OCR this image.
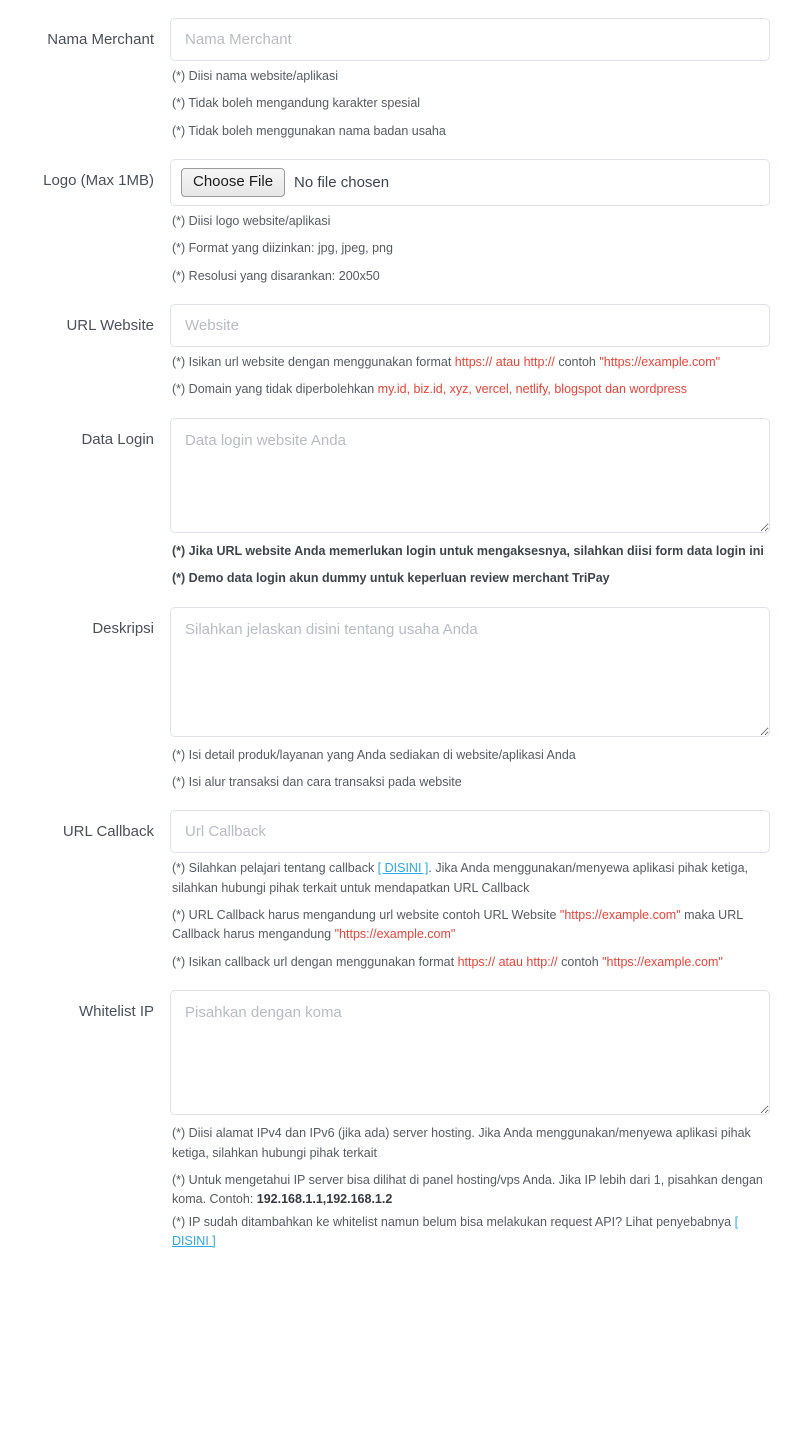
Nama Merchant
Nama Merchant

(*) Diisi nama website/aplikasi

(*) Tidak boleh mengandung karakter spesial

(*) Tidak boleh menggunakan nama badan usaha

Logo (Max 1MB)	Choose File	No file chosen

(*) Diisi logo website/aplikasi

(*) Format yang diizinkan: jpg, jpeg, png

(*) Resolusi yang disarankan: 200x50

URL Website
Website

(*) Isikan url website dengan menggunakan format https:// atau http:// contoh "https://example.com"

(*) Domain yang tidak diperbolehkan my.id, biz.id, xyz, vercel, netlify, blogspot dan wordpress

Data Login
Data login website Anda

(*) Jika URL website Anda memerlukan login untuk mengaksesnya, silahkan diisi form data login ini

(*) Demo data login akun dummy untuk keperluan review merchant TriPay

Deskripsi
Silahkan jelaskan disini tentang usaha Anda

(*) Isi detail produk/layanan yang Anda sediakan di website/aplikasi Anda

(*) Isi alur transaksi dan cara transaksi pada website

URL Callback
Url Callback

(*) Silahkan pelajari tentang callback [ DISINI ]. Jika Anda menggunakan/menyewa aplikasi pihak ketiga, silahkan hubungi pihak terkait untuk mendapatkan URL Callback

(*) URL Callback harus mengandung url website contoh URL Website "https://example.com" maka URL Callback harus mengandung "https://example.com"

(*) Isikan callback url dengan menggunakan format https:// atau http:// contoh "https://example.com"

Whitelist IP
Pisahkan dengan koma

(*) Diisi alamat IPv4 dan IPv6 (jika ada) server hosting. Jika Anda menggunakan/menyewa aplikasi pihak ketiga, silahkan hubungi pihak terkait

(*) Untuk mengetahui IP server bisa dilihat di panel hosting/vps Anda. Jika IP lebih dari 1, pisahkan dengan koma. Contoh: 192.168.1.1,192.168.1.2

(*) IP sudah ditambahkan ke whitelist namun belum bisa melakukan request API? Lihat penyebabnya [ DISINI ]
